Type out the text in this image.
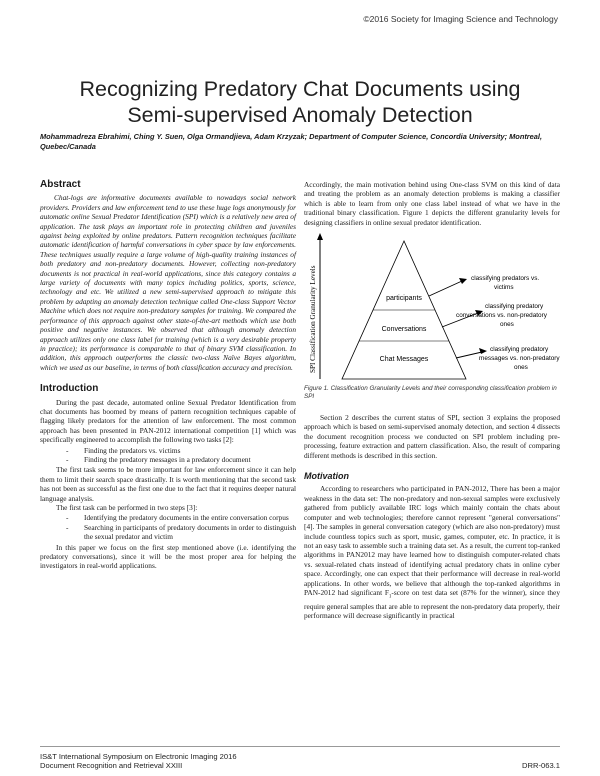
©2016 Society for Imaging Science and Technology
Recognizing Predatory Chat Documents using
Semi-supervised Anomaly Detection
Mohammadreza Ebrahimi, Ching Y. Suen, Olga Ormandjieva, Adam Krzyzak; Department of Computer Science, Concordia University; Montreal, Quebec/Canada
Abstract

Chat-logs are informative documents available to nowadays social network providers. Providers and law enforcement tend to use these huge logs anonymously for automatic online Sexual Predator Identification (SPI) which is a relatively new area of application. The task plays an important role in protecting children and juveniles against being exploited by online predators. Pattern recognition techniques facilitate automatic identification of harmful conversations in cyber space by law enforcements. These techniques usually require a large volume of high-quality training instances of both predatory and non-predatory documents. However, collecting non-predatory documents is not practical in real-world applications, since this category contains a large variety of documents with many topics including politics, sports, science, technology and etc. We utilized a new semi-supervised approach to mitigate this problem by adapting an anomaly detection technique called One-class Support Vector Machine which does not require non-predatory samples for training. We compared the performance of this approach against other state-of-the-art methods which use both positive and negative instances. We observed that although anomaly detection approach utilizes only one class label for training (which is a very desirable property in practice); its performance is comparable to that of binary SVM classification. In addition, this approach outperforms the classic two-class Naïve Bayes algorithm, which we used as our baseline, in terms of both classification accuracy and precision.

Introduction

During the past decade, automated online Sexual Predator Identification from chat documents has boomed by means of pattern recognition techniques capable of flagging likely predators for the attention of law enforcement. The most common approach has been presented in PAN-2012 international competition [1] which was specifically engineered to accomplish the following two tasks [2]:

- Finding the predators vs. victims
- Finding the predatory messages in a predatory document

The first task seems to be more important for law enforcement since it can help them to limit their search space drastically. It is worth mentioning that the second task has not been as successful as the first one due to the fact that it requires deeper natural language analysis.

The first task can be performed in two steps [3]:

- Identifying the predatory documents in the entire conversation corpus
- Searching in participants of predatory documents in order to distinguish the sexual predator and victim

In this paper we focus on the first step mentioned above (i.e. identifying the predatory conversations), since it will be the most proper area for helping the investigators in real-world applications.

Accordingly, the main motivation behind using One-class SVM on this kind of data and treating the problem as an anomaly detection problems is making a classifier which is able to learn from only one class label instead of what we have in the traditional binary classification. Figure 1 depicts the different granularity levels for designing classifiers in online sexual predator identification.

SPI Classification Granularity Levels	participants
Conversations
Chat Messages
classifying predators vs.
victims
classifying predatory
conversations vs. non-predatory
ones
classifying predatory
messages vs. non-predatory
ones
Figure 1. Classification Granularity Levels and their corresponding classification problem in SPI

Section 2 describes the current status of SPI, section 3 explains the proposed approach which is based on semi-supervised anomaly detection, and section 4 dissects the document recognition process we conducted on SPI problem including pre-processing, feature extraction and pattern classification. Also, the result of comparing different methods is described in this section.

Motivation

According to researchers who participated in PAN-2012, There has been a major weakness in the data set: The non-predatory and non-sexual samples were exclusively gathered from publicly available IRC logs which mainly contain the chats about computer and web technologies; therefore cannot represent "general conversations" [4]. The samples in general conversation category (which are also non-predatory) must include countless topics such as sport, music, games, computer, etc. In practice, it is not an easy task to assemble such a training data set. As a result, the current top-ranked algorithms in PAN2012 may have learned how to distinguish computer-related chats vs. sexual-related chats instead of identifying actual predatory chats in online cyber space. Accordingly, one can expect that their performance will decrease in real-world applications. In other words, we believe that although the top-ranked algorithms in PAN-2012 had significant $F_1$-score on test data set (87% for the winner), since they require general samples that are able to represent the non-predatory data properly, their performance will decrease significantly in practical

IS&T International Symposium on Electronic Imaging 2016
Document Recognition and Retrieval XXIII	DRR-063.1
